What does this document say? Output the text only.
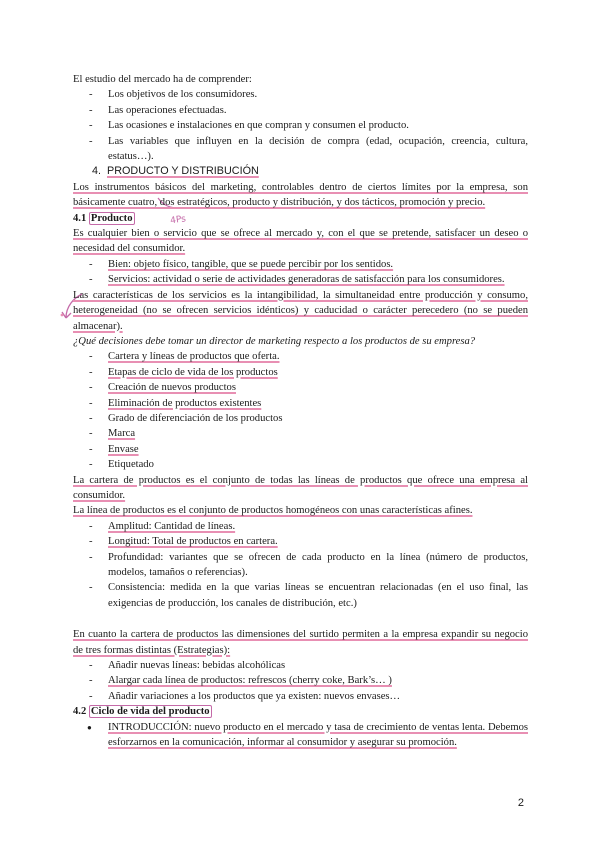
4Ps

El estudio del mercado ha de comprender:

- Los objetivos de los consumidores.
- Las operaciones efectuadas.
- Las ocasiones e instalaciones en que compran y consumen el producto.
- Las variables que influyen en la decisión de compra (edad, ocupación, creencia, cultura, estatus…).
4. PRODUCTO Y DISTRIBUCIÓN

Los instrumentos básicos del marketing, controlables dentro de ciertos límites por la empresa, son básicamente cuatro, dos estratégicos, producto y distribución, y dos tácticos, promoción y precio.

4.1 Producto

Es cualquier bien o servicio que se ofrece al mercado y, con el que se pretende, satisfacer un deseo o necesidad del consumidor.

- Bien: objeto físico, tangible, que se puede percibir por los sentidos.
- Servicios: actividad o serie de actividades generadoras de satisfacción para los consumidores.

Las características de los servicios es la intangibilidad, la simultaneidad entre producción y consumo, heterogeneidad (no se ofrecen servicios idénticos) y caducidad o carácter perecedero (no se pueden almacenar).

¿Qué decisiones debe tomar un director de marketing respecto a los productos de su empresa?

- Cartera y líneas de productos que oferta.
- Etapas de ciclo de vida de los productos
- Creación de nuevos productos
- Eliminación de productos existentes
- Grado de diferenciación de los productos
- Marca
- Envase
- Etiquetado

La cartera de productos es el conjunto de todas las líneas de productos que ofrece una empresa al consumidor.

La línea de productos es el conjunto de productos homogéneos con unas características afines.

- Amplitud: Cantidad de líneas.
- Longitud: Total de productos en cartera.
- Profundidad: variantes que se ofrecen de cada producto en la línea (número de productos, modelos, tamaños o referencias).
- Consistencia: medida en la que varias líneas se encuentran relacionadas (en el uso final, las exigencias de producción, los canales de distribución, etc.)

En cuanto la cartera de productos las dimensiones del surtido permiten a la empresa expandir su negocio de tres formas distintas (Estrategias):

- Añadir nuevas líneas: bebidas alcohólicas
- Alargar cada línea de productos: refrescos (cherry coke, Bark’s… )
- Añadir variaciones a los productos que ya existen: nuevos envases…
4.2 Ciclo de vida del producto
● INTRODUCCIÓN: nuevo producto en el mercado y tasa de crecimiento de ventas lenta. Debemos esforzarnos en la comunicación, informar al consumidor y asegurar su promoción.
2
